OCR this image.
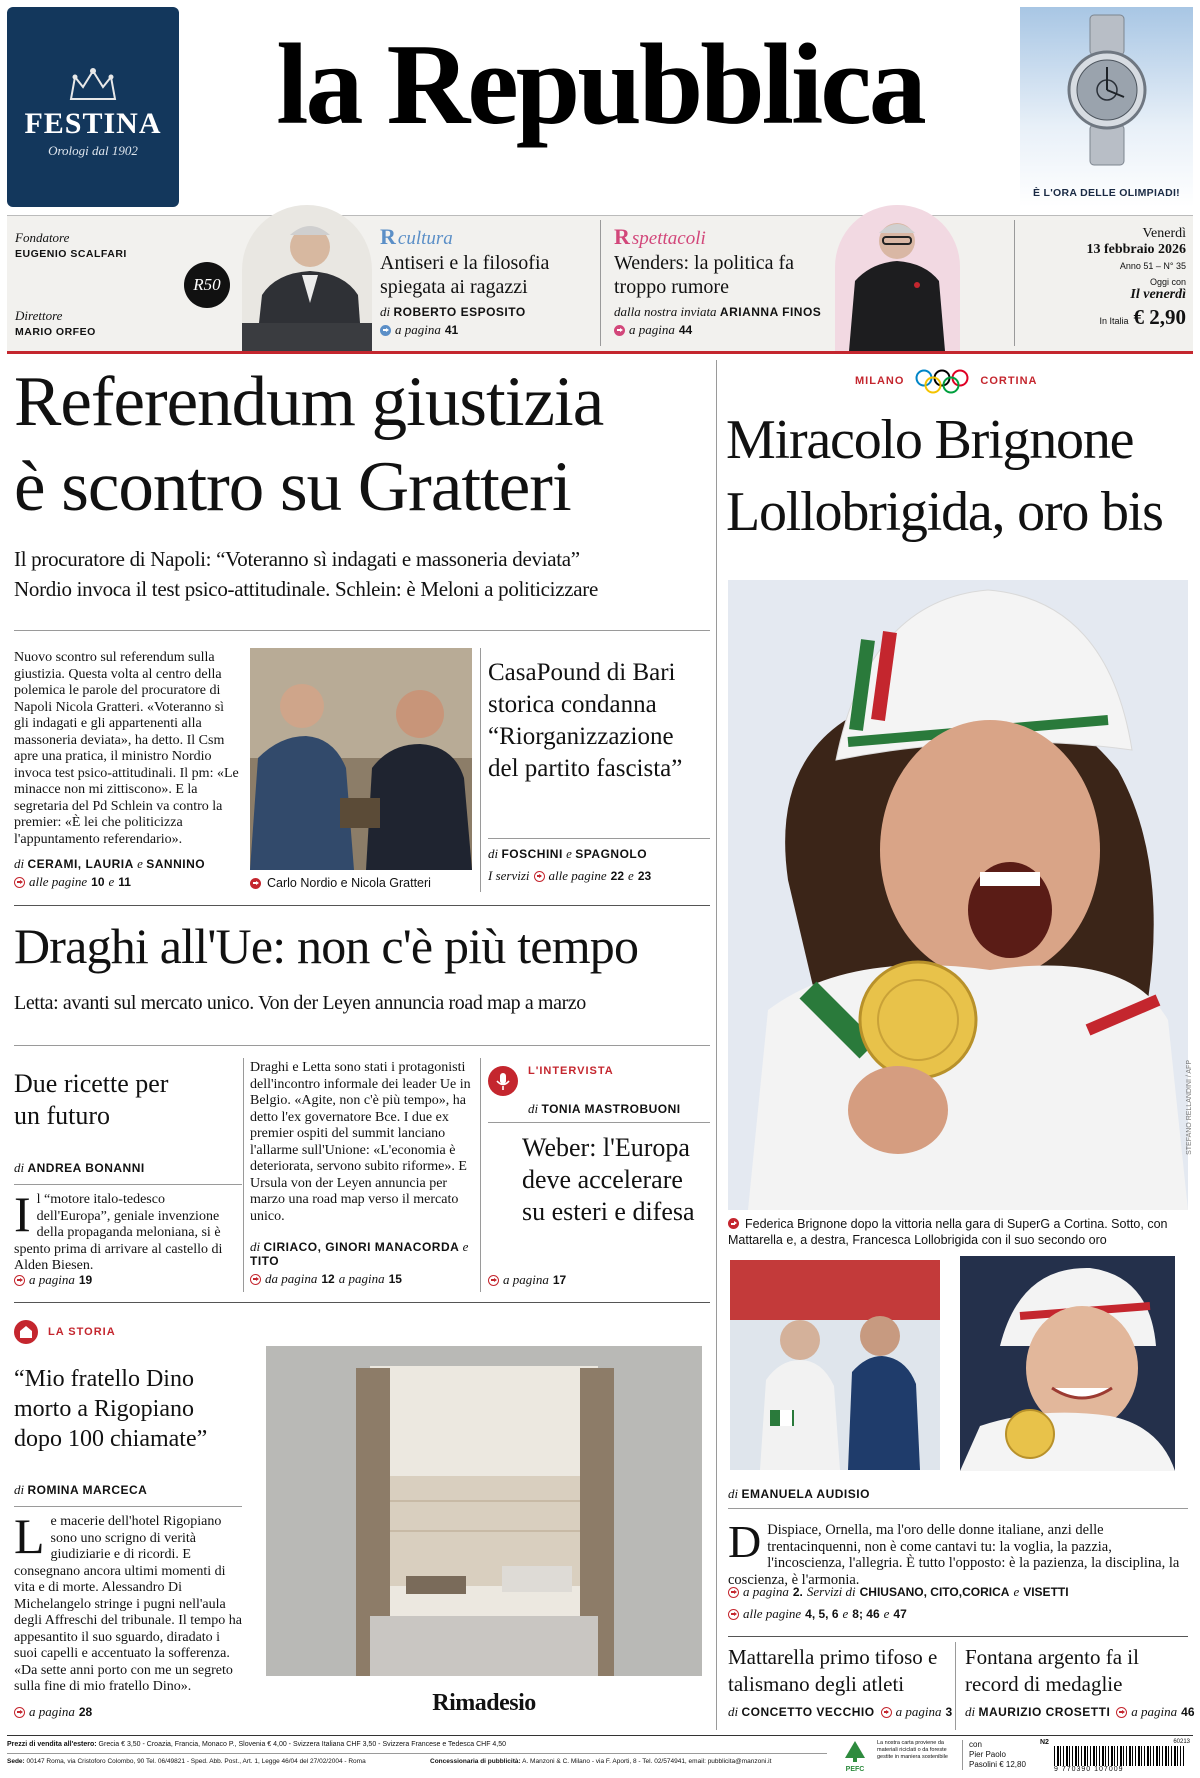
FESTINA
Orologi dal 1902
la Repubblica
È L'ORA DELLE OLIMPIADI!
Fondatore
EUGENIO SCALFARI
Direttore
MARIO ORFEO
R50
R cultura
Antiseri e la filosofia spiegata ai ragazzi
di ROBERTO ESPOSITO
a pagina 41
R spettacoli
Wenders: la politica fa troppo rumore
dalla nostra inviata ARIANNA FINOS
a pagina 44
Venerdì
13 febbraio 2026
Anno 51 – N° 35
Oggi con
Il venerdì
In Italia € 2,90
Referendum giustizia
è scontro su Gratteri
Il procuratore di Napoli: “Voteranno sì indagati e massoneria deviata”
Nordio invoca il test psico-attitudinale. Schlein: è Meloni a politicizzare
Nuovo scontro sul referendum sulla giustizia. Questa volta al centro della polemica le parole del procuratore di Napoli Nicola Gratteri. «Voteranno sì gli indagati e gli appartenenti alla massoneria deviata», ha detto. Il Csm apre una pratica, il ministro Nordio invoca test psico-attitudinali. Il pm: «Le minacce non mi zittiscono». E la segretaria del Pd Schlein va contro la premier: «È lei che politicizza l'appuntamento referendario».
di CERAMI, LAURIA e SANNINO
alle pagine 10 e 11	Carlo Nordio e Nicola Gratteri
CasaPound di Bari storica condanna “Riorganizzazione del partito fascista”
di FOSCHINI e SPAGNOLO
I servizi alle pagine 22 e 23
Draghi all'Ue: non c'è più tempo
Letta: avanti sul mercato unico. Von der Leyen annuncia road map a marzo
Due ricette per un futuro
di ANDREA BONANNI
Il “motore italo-tedesco dell'Europa”, geniale invenzione della propaganda meloniana, si è spento prima di arrivare al castello di Alden Biesen.
a pagina 19
Draghi e Letta sono stati i protagonisti dell'incontro informale dei leader Ue in Belgio. «Agite, non c'è più tempo», ha detto l'ex governatore Bce. I due ex premier ospiti del summit lanciano l'allarme sull'Unione: «L'economia è deteriorata, servono subito riforme». E Ursula von der Leyen annuncia per marzo una road map verso il mercato unico.
di CIRIACO, GINORI MANACORDA e TITO
da pagina 12 a pagina 15
L'INTERVISTA
di TONIA MASTROBUONI
Weber: l'Europa deve accelerare su esteri e difesa
a pagina 17
LA STORIA
“Mio fratello Dino morto a Rigopiano dopo 100 chiamate”
di ROMINA MARCECA
Le macerie dell'hotel Rigopiano sono uno scrigno di verità giudiziarie e di ricordi. E consegnano ancora ultimi momenti di vita e di morte. Alessandro Di Michelangelo stringe i pugni nell'aula degli Affreschi del tribunale. Il tempo ha appesantito il suo sguardo, diradato i suoi capelli e accentuato la sofferenza. «Da sette anni porto con me un segreto sulla fine di mio fratello Dino».
a pagina 28	Rimadesio
MILANO	CORTINA
Miracolo Brignone
Lollobrigida, oro bis
STEFANO RELLANDINI / AFP
Federica Brignone dopo la vittoria nella gara di SuperG a Cortina. Sotto, con Mattarella e, a destra, Francesca Lollobrigida con il suo secondo oro
di EMANUELA AUDISIO
D Dispiace, Ornella, ma l'oro delle donne italiane, anzi delle trentacinquenni, non è come cantavi tu: la voglia, la pazzia, l'incoscienza, l'allegria. È tutto l'opposto: è la pazienza, la disciplina, la coscienza, è l'armonia.
a pagina 2. Servizi di CHIUSANO, CITO,CORICA e VISETTI
alle pagine 4, 5, 6 e 8; 46 e 47
Mattarella primo tifoso e talismano degli atleti
di CONCETTO VECCHIO a pagina 3
Fontana argento fa il record di medaglie
di MAURIZIO CROSETTI a pagina 46
Prezzi di vendita all'estero: Grecia € 3,50 - Croazia, Francia, Monaco P., Slovenia € 4,00 - Svizzera Italiana CHF 3,50 - Svizzera Francese e Tedesca CHF 4,50
Sede: 00147 Roma, via Cristoforo Colombo, 90 Tel. 06/49821 - Sped. Abb. Post., Art. 1, Legge 46/04 del 27/02/2004 - Roma	Concessionaria di pubblicità: A. Manzoni & C. Milano - via F. Aporti, 8 - Tel. 02/574941, email: pubblicita@manzoni.it
PEFC
La nostra carta proviene da materiali riciclati o da foreste gestite in maniera sostenibile
con
Pier Paolo
Pasolini € 12,80
N2	60213
9 770390 107009
